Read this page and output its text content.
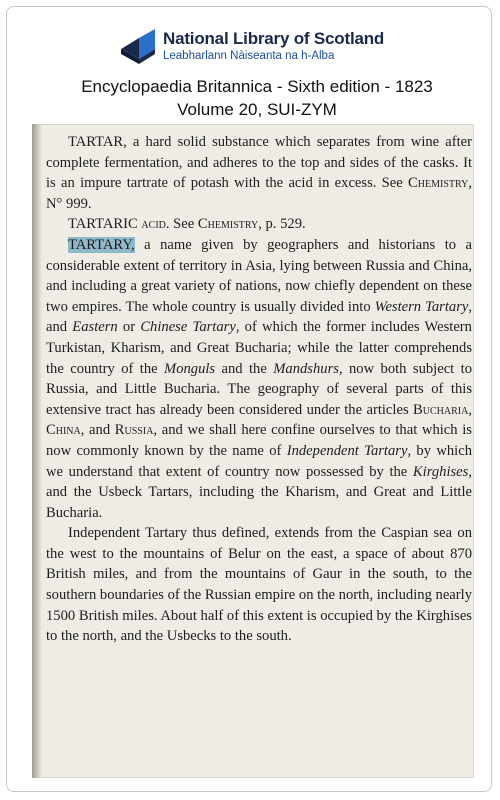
National Library of Scotland
Leabharlann Nàiseanta na h-Alba
Encyclopaedia Britannica - Sixth edition - 1823
Volume 20, SUI-ZYM

TARTAR, a hard solid substance which separates from wine after complete fermentation, and adheres to the top and sides of the casks. It is an impure tartrate of potash with the acid in excess. See Chemistry, N° 999.

TARTARIC acid. See Chemistry, p. 529.

TARTARY, a name given by geographers and historians to a considerable extent of territory in Asia, lying between Russia and China, and including a great variety of nations, now chiefly dependent on these two empires. The whole country is usually divided into Western Tartary, and Eastern or Chinese Tartary, of which the former includes Western Turkistan, Kharism, and Great Bucharia; while the latter comprehends the country of the Monguls and the Mandshurs, now both subject to Russia, and Little Bucharia. The geography of several parts of this extensive tract has already been considered under the articles Bucharia, China, and Russia, and we shall here confine ourselves to that which is now commonly known by the name of Independent Tartary, by which we understand that extent of country now possessed by the Kirghises, and the Usbeck Tartars, including the Kharism, and Great and Little Bucharia.

Independent Tartary thus defined, extends from the Caspian sea on the west to the mountains of Belur on the east, a space of about 870 British miles, and from the mountains of Gaur in the south, to the southern boundaries of the Russian empire on the north, including nearly 1500 British miles. About half of this extent is occupied by the Kirghises to the north, and the Usbecks to the south.
